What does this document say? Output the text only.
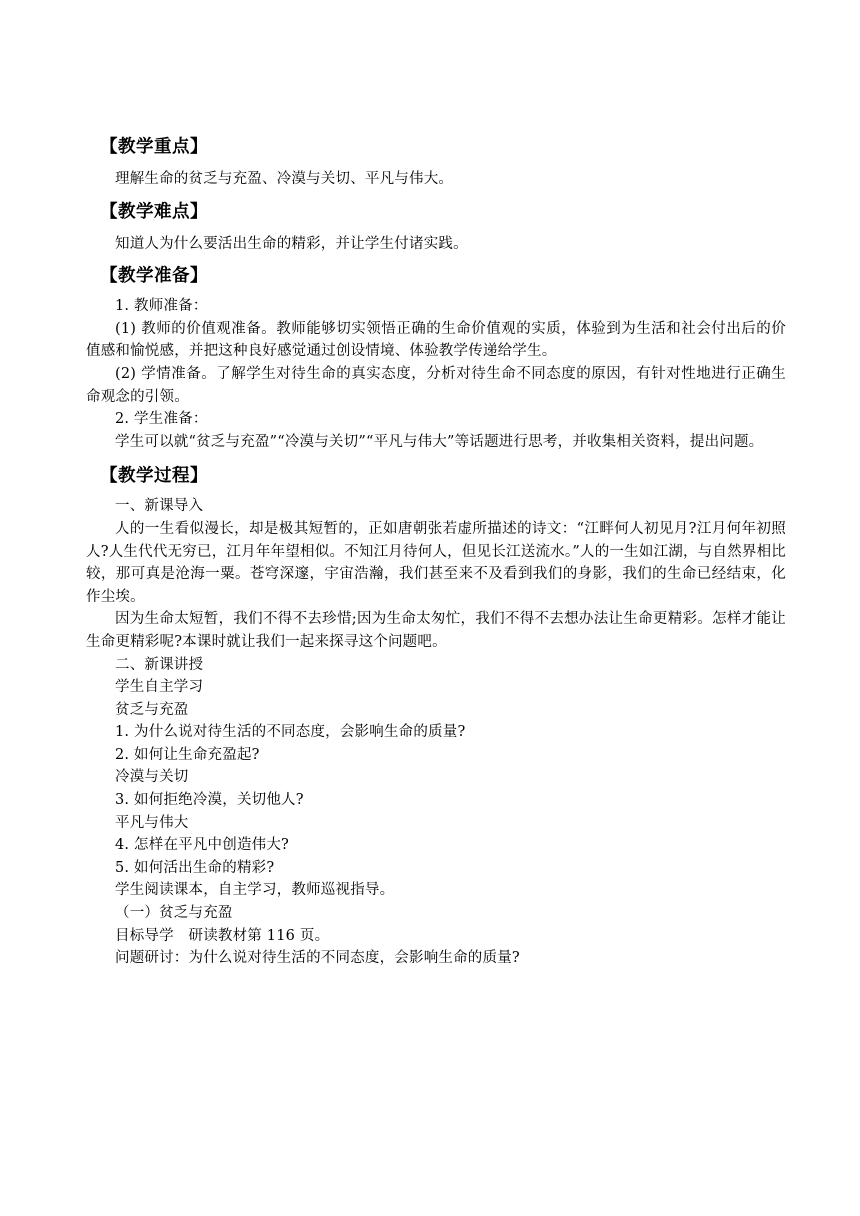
【教学重点】

理解生命的贫乏与充盈、冷漠与关切、平凡与伟大。

【教学难点】

知道人为什么要活出生命的精彩，并让学生付诸实践。

【教学准备】

1. 教师准备：

(1) 教师的价值观准备。教师能够切实领悟正确的生命价值观的实质，体验到为生活和社会付出后的价值感和愉悦感，并把这种良好感觉通过创设情境、体验教学传递给学生。

(2) 学情准备。了解学生对待生命的真实态度，分析对待生命不同态度的原因，有针对性地进行正确生命观念的引领。

2. 学生准备：

学生可以就“贫乏与充盈”“冷漠与关切”“平凡与伟大”等话题进行思考，并收集相关资料，提出问题。

【教学过程】

一、新课导入

人的一生看似漫长，却是极其短暂的，正如唐朝张若虚所描述的诗文：“江畔何人初见月?江月何年初照人?人生代代无穷已，江月年年望相似。不知江月待何人，但见长江送流水。”人的一生如江湖，与自然界相比较，那可真是沧海一粟。苍穹深邃，宇宙浩瀚，我们甚至来不及看到我们的身影，我们的生命已经结束，化作尘埃。

因为生命太短暂，我们不得不去珍惜;因为生命太匆忙，我们不得不去想办法让生命更精彩。怎样才能让生命更精彩呢?本课时就让我们一起来探寻这个问题吧。

二、新课讲授

学生自主学习

贫乏与充盈

1. 为什么说对待生活的不同态度，会影响生命的质量?

2. 如何让生命充盈起?

冷漠与关切

3. 如何拒绝冷漠，关切他人?

平凡与伟大

4. 怎样在平凡中创造伟大?

5. 如何活出生命的精彩?

学生阅读课本，自主学习，教师巡视指导。

（一）贫乏与充盈

目标导学　研读教材第 116 页。

问题研讨：为什么说对待生活的不同态度，会影响生命的质量?
